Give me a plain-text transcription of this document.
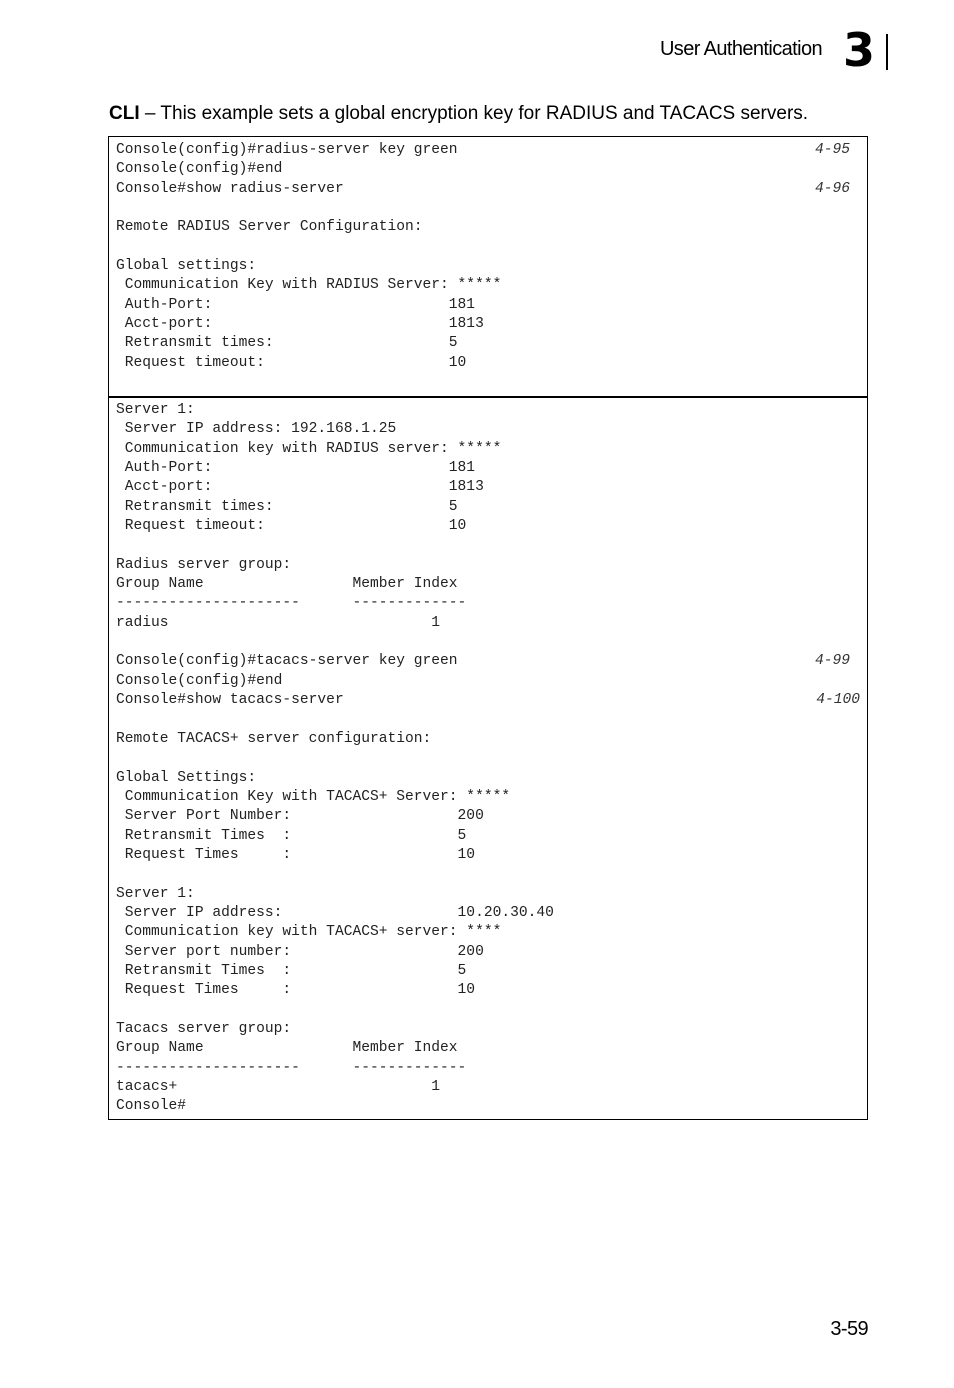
User Authentication 3
CLI – This example sets a global encryption key for RADIUS and TACACS servers.
Console(config)#radius-server key green	4-95
Console(config)#end
Console#show radius-server	4-96
Remote RADIUS Server Configuration:
Global settings:
Communication Key with RADIUS Server: *****
Auth-Port:                           181
Acct-port:                           1813
Retransmit times:                    5
Request timeout:                     10
Server 1:
Server IP address: 192.168.1.25
Communication key with RADIUS server: *****
Auth-Port:                           181
Acct-port:                           1813
Retransmit times:                    5
Request timeout:                     10
Radius server group:
Group Name                 Member Index
---------------------      -------------
radius                              1
Console(config)#tacacs-server key green	4-99
Console(config)#end
Console#show tacacs-server	4-100
Remote TACACS+ server configuration:
Global Settings:
Communication Key with TACACS+ Server: *****
Server Port Number:                   200
Retransmit Times  :                   5
Request Times     :                   10
Server 1:
Server IP address:                    10.20.30.40
Communication key with TACACS+ server: ****
Server port number:                   200
Retransmit Times  :                   5
Request Times     :                   10
Tacacs server group:
Group Name                 Member Index
---------------------      -------------
tacacs+                             1
Console#
3-59
